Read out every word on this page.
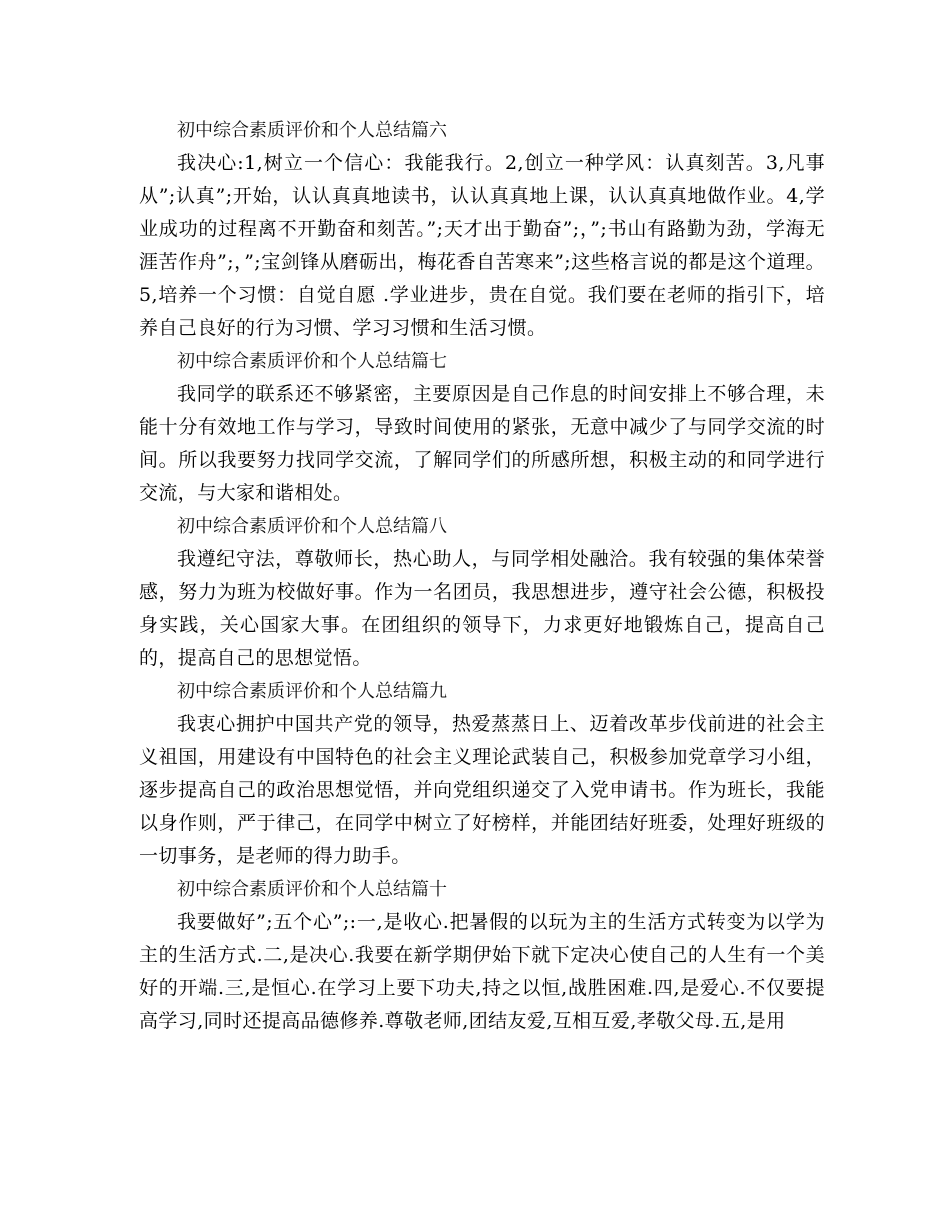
初中综合素质评价和个人总结篇六

我决心:1,树立一个信心：我能我行。2,创立一种学风：认真刻苦。3,凡事从”;认真”;开始，认认真真地读书，认认真真地上课，认认真真地做作业。4,学业成功的过程离不开勤奋和刻苦。”;天才出于勤奋”;，”;书山有路勤为劲，学海无涯苦作舟”;，”;宝剑锋从磨砺出，梅花香自苦寒来”;这些格言说的都是这个道理。5,培养一个习惯：自觉自愿 .学业进步，贵在自觉。我们要在老师的指引下，培养自己良好的行为习惯、学习习惯和生活习惯。

初中综合素质评价和个人总结篇七

我同学的联系还不够紧密，主要原因是自己作息的时间安排上不够合理，未能十分有效地工作与学习，导致时间使用的紧张，无意中减少了与同学交流的时间。所以我要努力找同学交流，了解同学们的所感所想，积极主动的和同学进行交流，与大家和谐相处。

初中综合素质评价和个人总结篇八

我遵纪守法，尊敬师长，热心助人，与同学相处融洽。我有较强的集体荣誉感，努力为班为校做好事。作为一名团员，我思想进步，遵守社会公德，积极投身实践，关心国家大事。在团组织的领导下，力求更好地锻炼自己，提高自己的，提高自己的思想觉悟。

初中综合素质评价和个人总结篇九

我衷心拥护中国共产党的领导，热爱蒸蒸日上、迈着改革步伐前进的社会主义祖国，用建设有中国特色的社会主义理论武装自己，积极参加党章学习小组，逐步提高自己的政治思想觉悟，并向党组织递交了入党申请书。作为班长，我能以身作则，严于律己，在同学中树立了好榜样，并能团结好班委，处理好班级的一切事务，是老师的得力助手。

初中综合素质评价和个人总结篇十

我要做好”;五个心”;:一,是收心.把暑假的以玩为主的生活方式转变为以学为主的生活方式.二,是决心.我要在新学期伊始下就下定决心使自己的人生有一个美好的开端.三,是恒心.在学习上要下功夫,持之以恒,战胜困难.四,是爱心.不仅要提高学习,同时还提高品德修养.尊敬老师,团结友爱,互相互爱,孝敬父母.五,是用
